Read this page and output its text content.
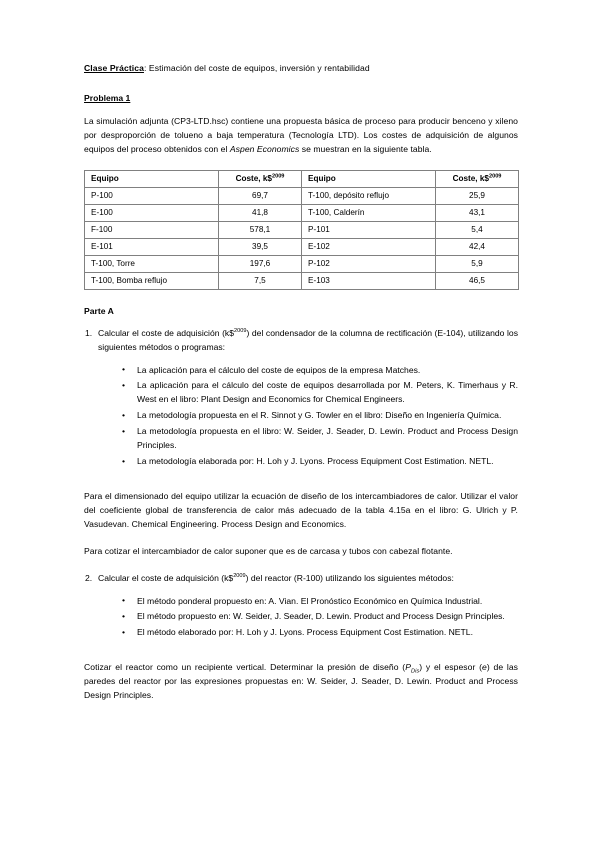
Clase Práctica: Estimación del coste de equipos, inversión y rentabilidad
Problema 1
La simulación adjunta (CP3-LTD.hsc) contiene una propuesta básica de proceso para producir benceno y xileno por desproporción de tolueno a baja temperatura (Tecnología LTD). Los costes de adquisición de algunos equipos del proceso obtenidos con el Aspen Economics se muestran en la siguiente tabla.
Equipo	Coste, k\$$^{2009}$	Equipo	Coste, k\$$^{2009}$
P-100	69,7	T-100, depósito reflujo	25,9
E-100	41,8	T-100, Calderín	43,1
F-100	578,1	P-101	5,4
E-101	39,5	E-102	42,4
T-100, Torre	197,6	P-102	5,9
T-100, Bomba reflujo	7,5	E-103	46,5
Parte A
1. Calcular el coste de adquisición (k\$$^{2009}$) del condensador de la columna de rectificación (E-104), utilizando los siguientes métodos o programas:
• La aplicación para el cálculo del coste de equipos de la empresa Matches.
• La aplicación para el cálculo del coste de equipos desarrollada por M. Peters, K. Timerhaus y R. West en el libro: Plant Design and Economics for Chemical Engineers.
• La metodología propuesta en el R. Sinnot y G. Towler en el libro: Diseño en Ingeniería Química.
• La metodología propuesta en el libro: W. Seider, J. Seader, D. Lewin. Product and Process Design Principles.
• La metodología elaborada por: H. Loh y J. Lyons. Process Equipment Cost Estimation. NETL.
Para el dimensionado del equipo utilizar la ecuación de diseño de los intercambiadores de calor. Utilizar el valor del coeficiente global de transferencia de calor más adecuado de la tabla 4.15a en el libro: G. Ulrich y P. Vasudevan. Chemical Engineering. Process Design and Economics.
Para cotizar el intercambiador de calor suponer que es de carcasa y tubos con cabezal flotante.
2. Calcular el coste de adquisición (k\$$^{2009}$) del reactor (R-100) utilizando los siguientes métodos:
• El método ponderal propuesto en: A. Vian. El Pronóstico Económico en Química Industrial.
• El método propuesto en: W. Seider, J. Seader, D. Lewin. Product and Process Design Principles.
• El método elaborado por: H. Loh y J. Lyons. Process Equipment Cost Estimation. NETL.
Cotizar el reactor como un recipiente vertical. Determinar la presión de diseño $(P_{Dis})$ y el espesor (e) de las paredes del reactor por las expresiones propuestas en: W. Seider, J. Seader, D. Lewin. Product and Process Design Principles.
